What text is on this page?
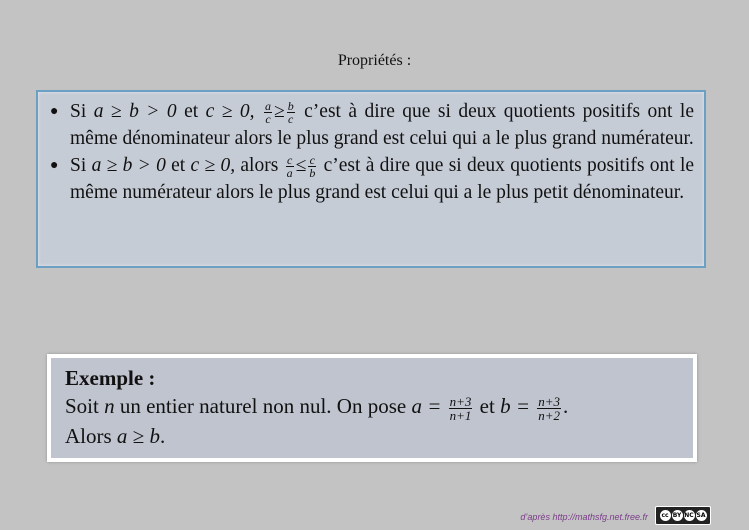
Propriétés :
● Si a ≥ b > 0 et c ≥ 0, $\frac{a}{c} \ge \frac{b}{c}$ c’est à dire que si deux quotients positifs ont le même dénominateur alors le plus grand est celui qui a le plus grand numérateur.
● Si a ≥ b > 0 et c ≥ 0, alors $\frac{c}{a} \le \frac{c}{b}$ c’est à dire que si deux quotients positifs ont le même numérateur alors le plus grand est celui qui a le plus petit dénominateur.
Exemple :
Soit n un entier naturel non nul. On pose $a = \frac{n+3}{n+1}$ et $b = \frac{n+3}{n+2}$ .
Alors a ≥ b.
d’après http://mathsfg.net.free.fr	cc BY NC SA
